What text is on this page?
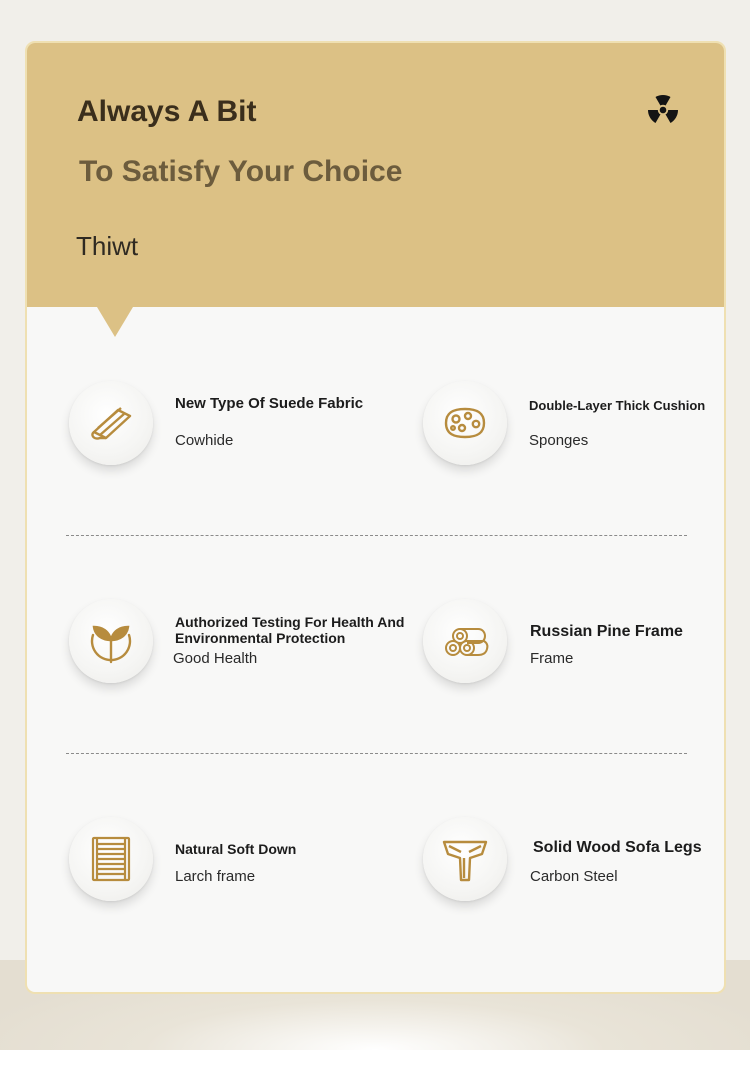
Always A Bit
To Satisfy Your Choice
Thiwt
New Type Of Suede Fabric
Cowhide
Double-Layer Thick Cushion
Sponges
Authorized Testing For Health And Environmental Protection
Good Health
Russian Pine Frame
Frame
Natural Soft Down
Larch frame
Solid Wood Sofa Legs
Carbon Steel
